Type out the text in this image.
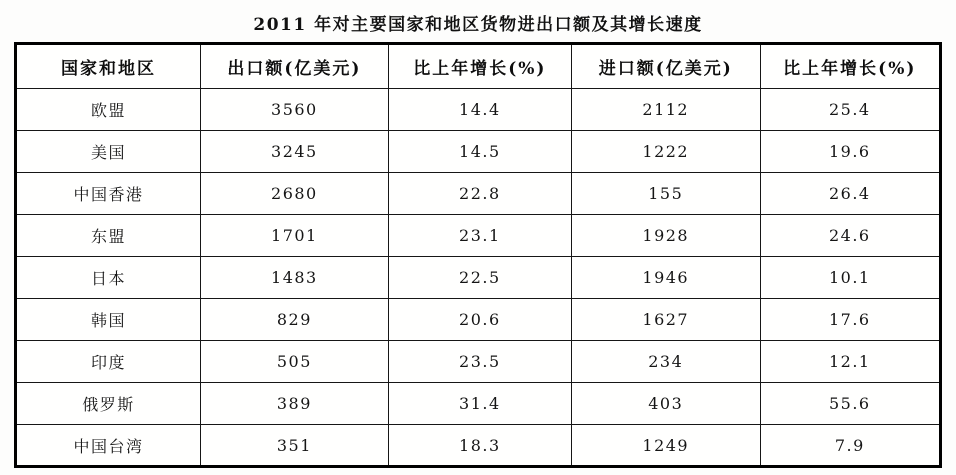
2011 年对主要国家和地区货物进出口额及其增长速度
国家和地区	出口额(亿美元)	比上年增长(%)	进口额(亿美元)	比上年增长(%)
欧盟	3560	14.4	2112	25.4
美国	3245	14.5	1222	19.6
中国香港	2680	22.8	155	26.4
东盟	1701	23.1	1928	24.6
日本	1483	22.5	1946	10.1
韩国	829	20.6	1627	17.6
印度	505	23.5	234	12.1
俄罗斯	389	31.4	403	55.6
中国台湾	351	18.3	1249	7.9
